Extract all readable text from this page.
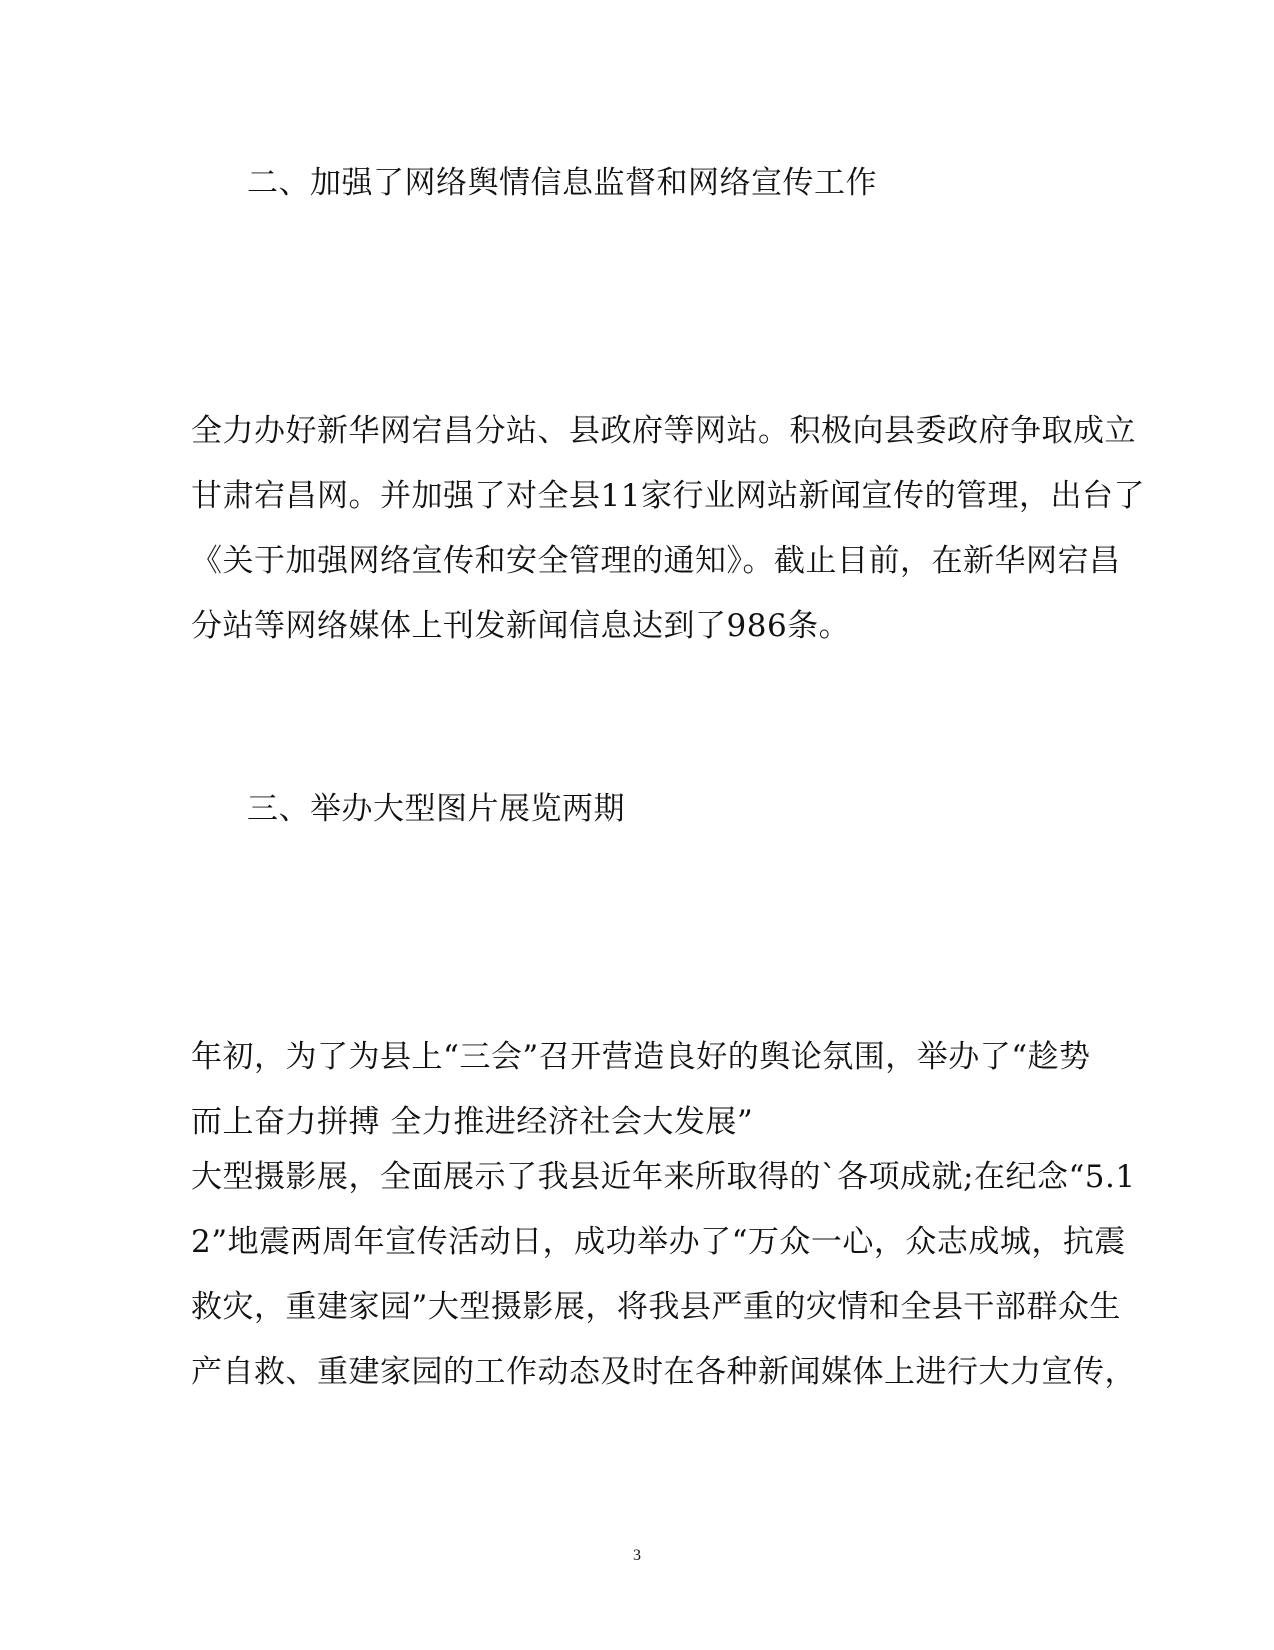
二、加强了网络舆情信息监督和网络宣传工作
全力办好新华网宕昌分站、县政府等网站。积极向县委政府争取成立
甘肃宕昌网。并加强了对全县11家行业网站新闻宣传的管理，出台了
《关于加强网络宣传和安全管理的通知》。截止目前，在新华网宕昌
分站等网络媒体上刊发新闻信息达到了986条。
三、举办大型图片展览两期
年初，为了为县上“三会”召开营造良好的舆论氛围，举办了“趁势
而上奋力拼搏 全力推进经济社会大发展”
大型摄影展，全面展示了我县近年来所取得的`各项成就;在纪念“5.1
2”地震两周年宣传活动日，成功举办了“万众一心，众志成城，抗震
救灾，重建家园”大型摄影展，将我县严重的灾情和全县干部群众生
产自救、重建家园的工作动态及时在各种新闻媒体上进行大力宣传，
3
